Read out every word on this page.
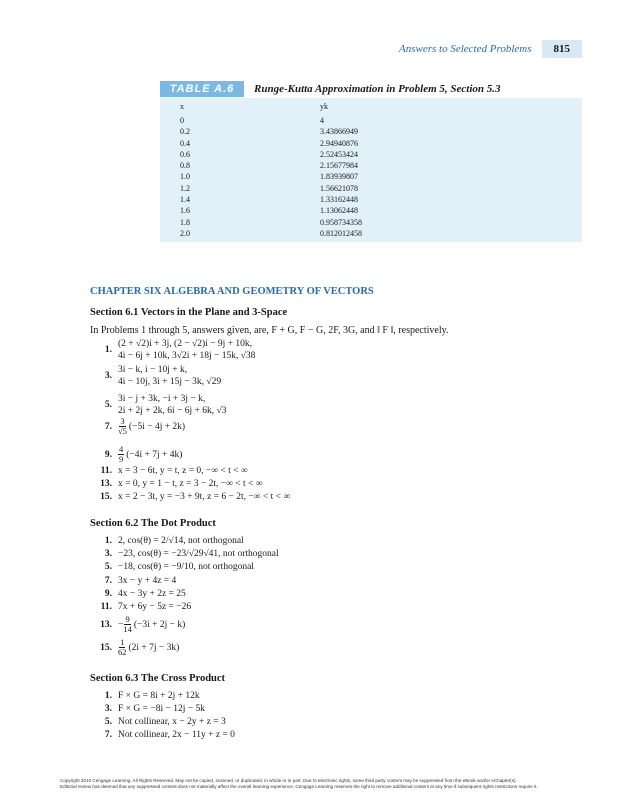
Answers to Selected Problems	815
TABLE A.6	Runge-Kutta Approximation in Problem 5, Section 5.3
x	yk
0	4
0.2	3.43866949
0.4	2.94940876
0.6	2.52453424
0.8	2.15677984
1.0	1.83939807
1.2	1.56621078
1.4	1.33162448
1.6	1.13062448
1.8	0.958734358
2.0	0.812012458
CHAPTER SIX ALGEBRA AND GEOMETRY OF VECTORS
Section 6.1 Vectors in the Plane and 3-Space
In Problems 1 through 5, answers given, are, F + G, F − G, 2F, 3G, and ‖ F ‖, respectively.
1.
(2 + √2)i + 3j, (2 − √2)i − 9j + 10k,
4i − 6j + 10k, 3√2i + 18j − 15k, √38
3.
3i − k, i − 10j + k,
4i − 10j, 3i + 15j − 3k, √29
5.
3i − j + 3k, −i + 3j − k,
2i + 2j + 2k, 6i − 6j + 6k, √3
7. $\frac{3}{√5} (-5i - 4j + 2k)$
9. $\frac{4}{9} (-4i + 7j + 4k)$
11. x = 3 − 6t, y = t, z = 0, −∞ < t < ∞
13. x = 0, y = 1 − t, z = 3 − 2t, −∞ < t < ∞
15. x = 2 − 3t, y = −3 + 9t, z = 6 − 2t, −∞ < t < ∞
Section 6.2 The Dot Product
1. 2, cos(θ) = 2/√14, not orthogonal
3. −23, cos(θ) = −23/√29√41, not orthogonal
5. −18, cos(θ) = −9/10, not orthogonal
7. 3x − y + 4z = 4
9. 4x − 3y + 2z = 25
11. 7x + 6y − 5z = −26
13. − $\frac{9}{14} (-3i + 2j - k)$
15. $\frac{1}{62} (2i + 7j - 3k)$
Section 6.3 The Cross Product
1. F × G = 8i + 2j + 12k
3. F × G = −8i − 12j − 5k
5. Not collinear, x − 2y + z = 3
7. Not collinear, 2x − 11y + z = 0
Copyright 2010 Cengage Learning. All Rights Reserved. May not be copied, scanned, or duplicated, in whole or in part. Due to electronic rights, some third party content may be suppressed from the eBook and/or eChapter(s).
Editorial review has deemed that any suppressed content does not materially affect the overall learning experience. Cengage Learning reserves the right to remove additional content at any time if subsequent rights restrictions require it.
